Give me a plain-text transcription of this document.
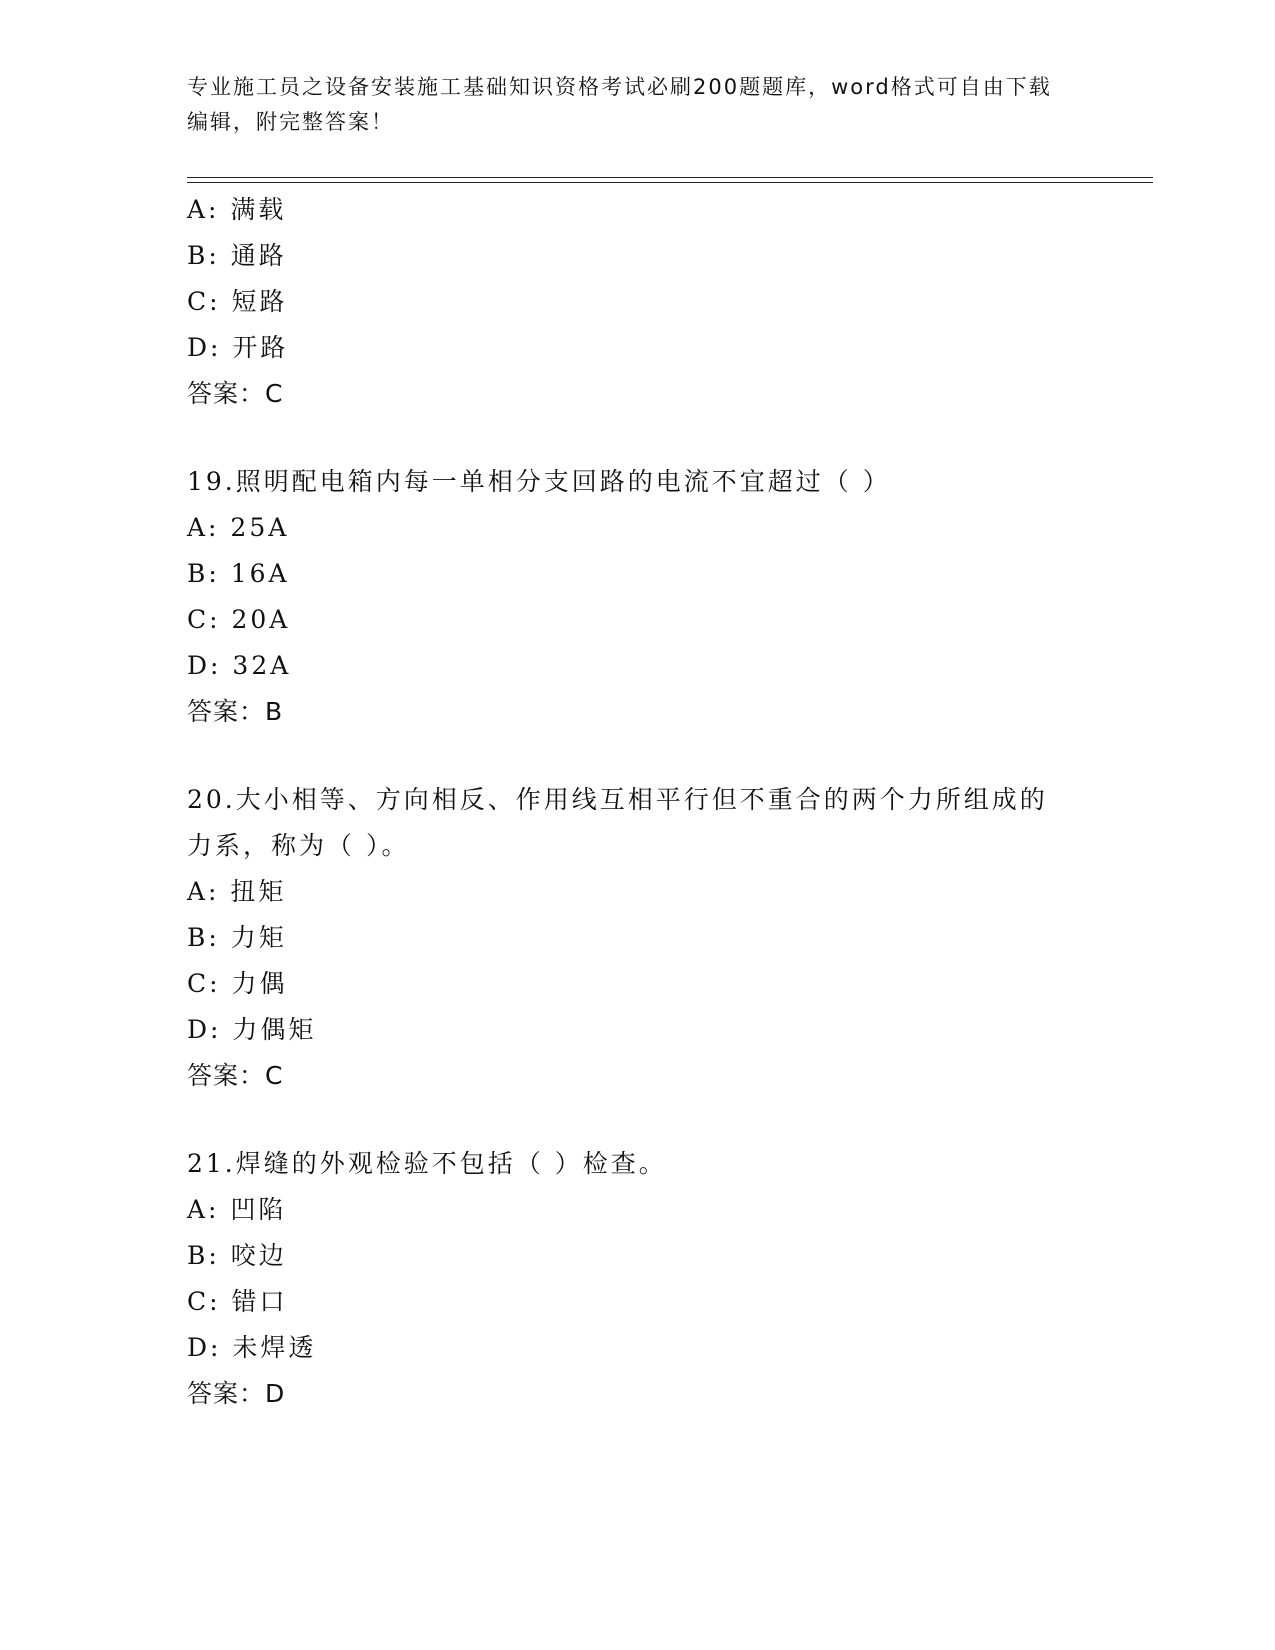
专业施工员之设备安装施工基础知识资格考试必刷200题题库，word格式可自由下载编辑，附完整答案！
A: 满载
B: 通路
C: 短路
D: 开路
答案：C
19.照明配电箱内每一单相分支回路的电流不宜超过（ ）
A: 25A
B: 16A
C: 20A
D: 32A
答案：B
20.大小相等、方向相反、作用线互相平行但不重合的两个力所组成的力系，称为（ ）。
A: 扭矩
B: 力矩
C: 力偶
D: 力偶矩
答案：C
21.焊缝的外观检验不包括（ ）检查。
A: 凹陷
B: 咬边
C: 错口
D: 未焊透
答案：D
